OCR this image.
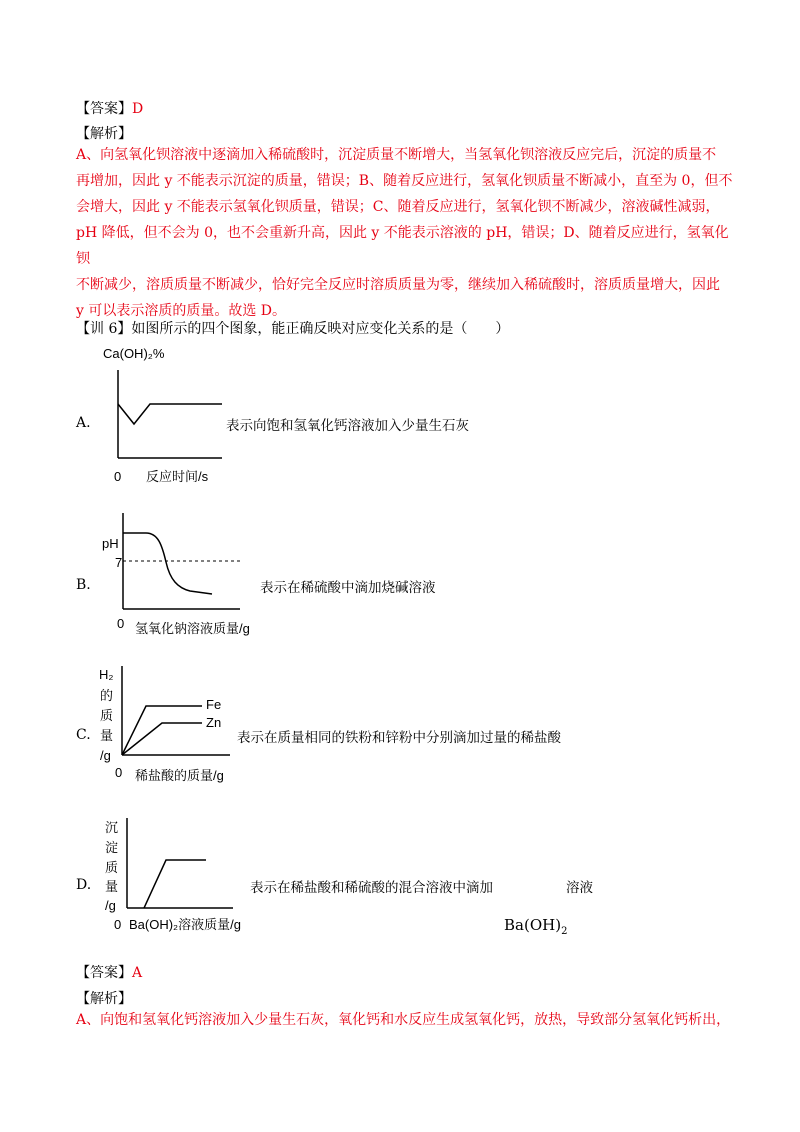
【答案】D
【解析】
A、向氢氧化钡溶液中逐滴加入稀硫酸时，沉淀质量不断增大，当氢氧化钡溶液反应完后，沉淀的质量不
再增加，因此 y 不能表示沉淀的质量，错误；B、随着反应进行，氢氧化钡质量不断减小，直至为 0，但不
会增大，因此 y 不能表示氢氧化钡质量，错误；C、随着反应进行，氢氧化钡不断减少，溶液碱性减弱，
pH 降低，但不会为 0，也不会重新升高，因此 y 不能表示溶液的 pH，错误；D、随着反应进行，氢氧化钡
不断减少，溶质质量不断减少，恰好完全反应时溶质质量为零，继续加入稀硫酸时，溶质质量增大，因此
y 可以表示溶质的质量。故选 D。
【训 6】如图所示的四个图象，能正确反映对应变化关系的是（　　）
A.
Ca(OH)₂%
0 反应时间/s
表示向饱和氢氧化钙溶液加入少量生石灰
B.
pH
7
0 氢氧化钠溶液质量/g
表示在稀硫酸中滴加烧碱溶液
C.
H₂
的
质
量
/g
Fe
Zn
0 稀盐酸的质量/g
表示在质量相同的铁粉和锌粉中分别滴加过量的稀盐酸
D.
沉
淀
质
量
/g
0 Ba(OH)₂溶液质量/g
表示在稀盐酸和稀硫酸的混合溶液中滴加	溶液
$Ba(OH)_2$
【答案】A
【解析】
A、向饱和氢氧化钙溶液加入少量生石灰，氧化钙和水反应生成氢氧化钙，放热，导致部分氢氧化钙析出，
